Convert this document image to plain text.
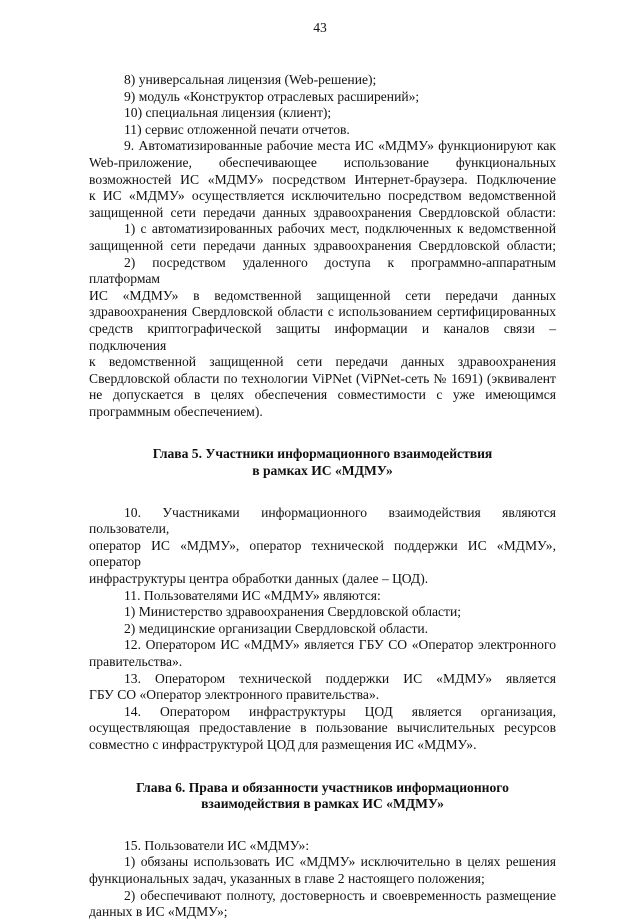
43

8) универсальная лицензия (Web-решение);

9) модуль «Конструктор отраслевых расширений»;

10) специальная лицензия (клиент);

11) сервис отложенной печати отчетов.

9. Автоматизированные рабочие места ИС «МДМУ» функционируют как

Web-приложение, обеспечивающее использование функциональных

возможностей ИС «МДМУ» посредством Интернет-браузера. Подключение

к ИС «МДМУ» осуществляется исключительно посредством ведомственной

защищенной сети передачи данных здравоохранения Свердловской области:

1) с автоматизированных рабочих мест, подключенных к ведомственной

защищенной сети передачи данных здравоохранения Свердловской области;

2) посредством удаленного доступа к программно-аппаратным платформам

ИС «МДМУ» в ведомственной защищенной сети передачи данных

здравоохранения Свердловской области с использованием сертифицированных

средств криптографической защиты информации и каналов связи – подключения

к ведомственной защищенной сети передачи данных здравоохранения

Свердловской области по технологии ViPNet (ViPNet-сеть № 1691) (эквивалент

не допускается в целях обеспечения совместимости с уже имеющимся

программным обеспечением).

Глава 5. Участники информационного взаимодействия

в рамках ИС «МДМУ»

10. Участниками информационного взаимодействия являются пользователи,

оператор ИС «МДМУ», оператор технической поддержки ИС «МДМУ», оператор

инфраструктуры центра обработки данных (далее – ЦОД).

11. Пользователями ИС «МДМУ» являются:

1) Министерство здравоохранения Свердловской области;

2) медицинские организации Свердловской области.

12. Оператором ИС «МДМУ» является ГБУ СО «Оператор электронного

правительства».

13. Оператором технической поддержки ИС «МДМУ» является

ГБУ СО «Оператор электронного правительства».

14. Оператором инфраструктуры ЦОД является организация,

осуществляющая предоставление в пользование вычислительных ресурсов

совместно с инфраструктурой ЦОД для размещения ИС «МДМУ».

Глава 6. Права и обязанности участников информационного

взаимодействия в рамках ИС «МДМУ»

15. Пользователи ИС «МДМУ»:

1) обязаны использовать ИС «МДМУ» исключительно в целях решения

функциональных задач, указанных в главе 2 настоящего положения;

2) обеспечивают полноту, достоверность и своевременность размещение

данных в ИС «МДМУ»;
